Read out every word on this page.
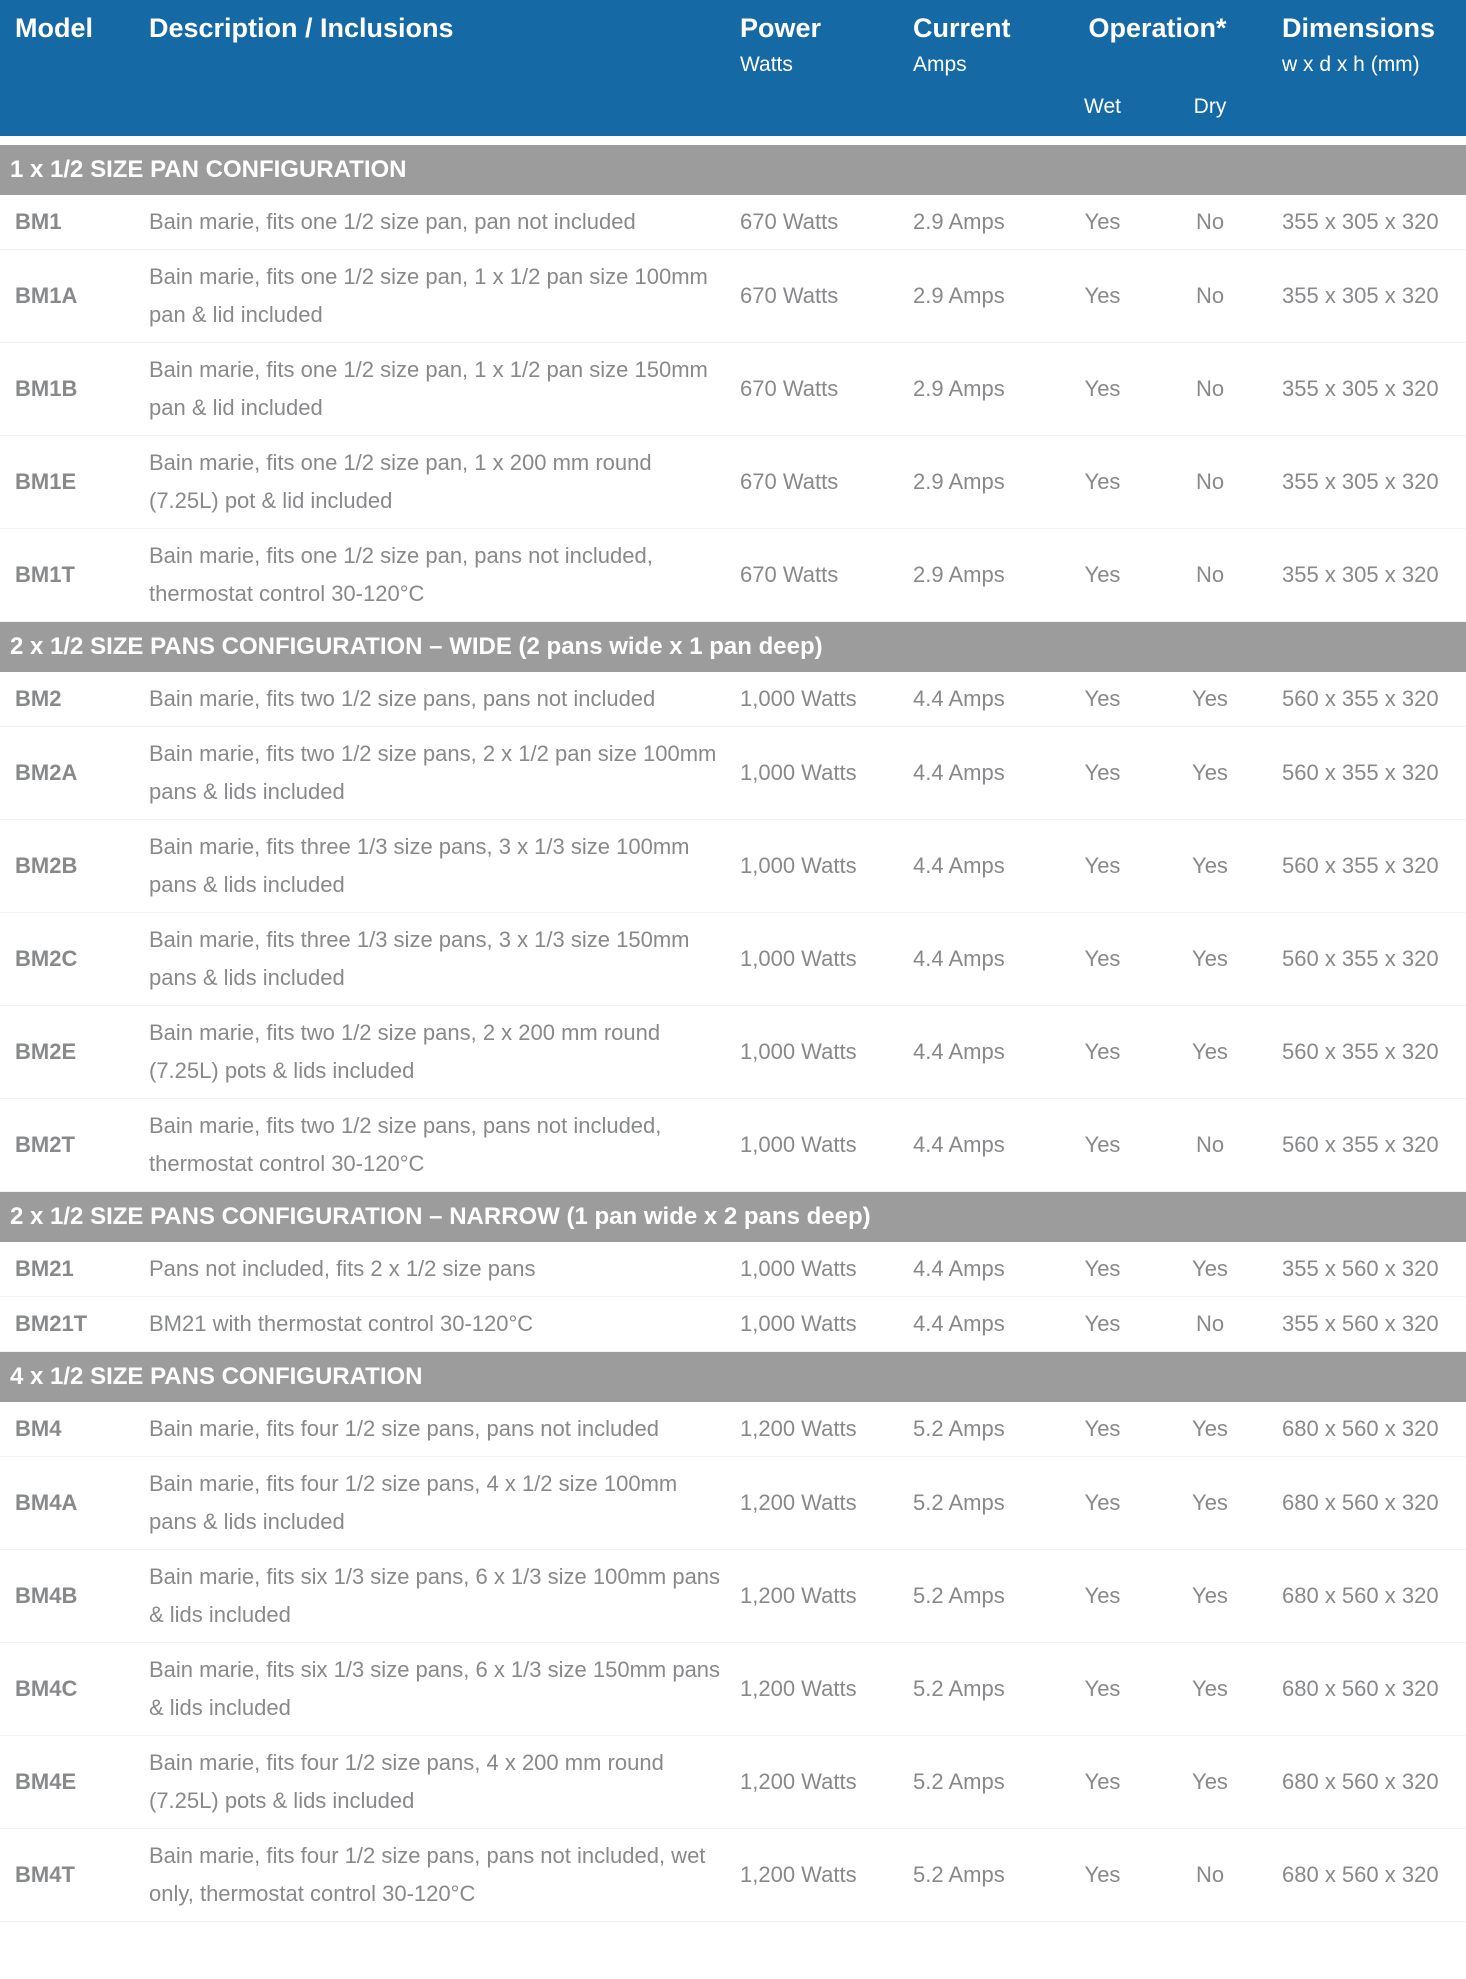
Model	Description / Inclusions	Power	Current	Operation*		Dimensions
		Watts	Amps			w x d x h (mm)
				Wet	Dry	

1 x 1/2 SIZE PAN CONFIGURATION						
BM1	Bain marie, fits one 1/2 size pan, pan not included	670 Watts	2.9 Amps	Yes	No	355 x 305 x 320
BM1A	Bain marie, fits one 1/2 size pan, 1 x 1/2 pan size 100mm pan & lid included	670 Watts	2.9 Amps	Yes	No	355 x 305 x 320
BM1B	Bain marie, fits one 1/2 size pan, 1 x 1/2 pan size 150mm pan & lid included	670 Watts	2.9 Amps	Yes	No	355 x 305 x 320
BM1E	Bain marie, fits one 1/2 size pan, 1 x 200 mm round (7.25L) pot & lid included	670 Watts	2.9 Amps	Yes	No	355 x 305 x 320
BM1T	Bain marie, fits one 1/2 size pan, pans not included, thermostat control 30-120°C	670 Watts	2.9 Amps	Yes	No	355 x 305 x 320
2 x 1/2 SIZE PANS CONFIGURATION – WIDE (2 pans wide x 1 pan deep)						
BM2	Bain marie, fits two 1/2 size pans, pans not included	1,000 Watts	4.4 Amps	Yes	Yes	560 x 355 x 320
BM2A	Bain marie, fits two 1/2 size pans, 2 x 1/2 pan size 100mm pans & lids included	1,000 Watts	4.4 Amps	Yes	Yes	560 x 355 x 320
BM2B	Bain marie, fits three 1/3 size pans, 3 x 1/3 size 100mm pans & lids included	1,000 Watts	4.4 Amps	Yes	Yes	560 x 355 x 320
BM2C	Bain marie, fits three 1/3 size pans, 3 x 1/3 size 150mm pans & lids included	1,000 Watts	4.4 Amps	Yes	Yes	560 x 355 x 320
BM2E	Bain marie, fits two 1/2 size pans, 2 x 200 mm round (7.25L) pots & lids included	1,000 Watts	4.4 Amps	Yes	Yes	560 x 355 x 320
BM2T	Bain marie, fits two 1/2 size pans, pans not included, thermostat control 30-120°C	1,000 Watts	4.4 Amps	Yes	No	560 x 355 x 320
2 x 1/2 SIZE PANS CONFIGURATION – NARROW (1 pan wide x 2 pans deep)						
BM21	Pans not included, fits 2 x 1/2 size pans	1,000 Watts	4.4 Amps	Yes	Yes	355 x 560 x 320
BM21T	BM21 with thermostat control 30-120°C	1,000 Watts	4.4 Amps	Yes	No	355 x 560 x 320
4 x 1/2 SIZE PANS CONFIGURATION						
BM4	Bain marie, fits four 1/2 size pans, pans not included	1,200 Watts	5.2 Amps	Yes	Yes	680 x 560 x 320
BM4A	Bain marie, fits four 1/2 size pans, 4 x 1/2 size 100mm pans & lids included	1,200 Watts	5.2 Amps	Yes	Yes	680 x 560 x 320
BM4B	Bain marie, fits six 1/3 size pans, 6 x 1/3 size 100mm pans & lids included	1,200 Watts	5.2 Amps	Yes	Yes	680 x 560 x 320
BM4C	Bain marie, fits six 1/3 size pans, 6 x 1/3 size 150mm pans & lids included	1,200 Watts	5.2 Amps	Yes	Yes	680 x 560 x 320
BM4E	Bain marie, fits four 1/2 size pans, 4 x 200 mm round (7.25L) pots & lids included	1,200 Watts	5.2 Amps	Yes	Yes	680 x 560 x 320
BM4T	Bain marie, fits four 1/2 size pans, pans not included, wet only, thermostat control 30-120°C	1,200 Watts	5.2 Amps	Yes	No	680 x 560 x 320
